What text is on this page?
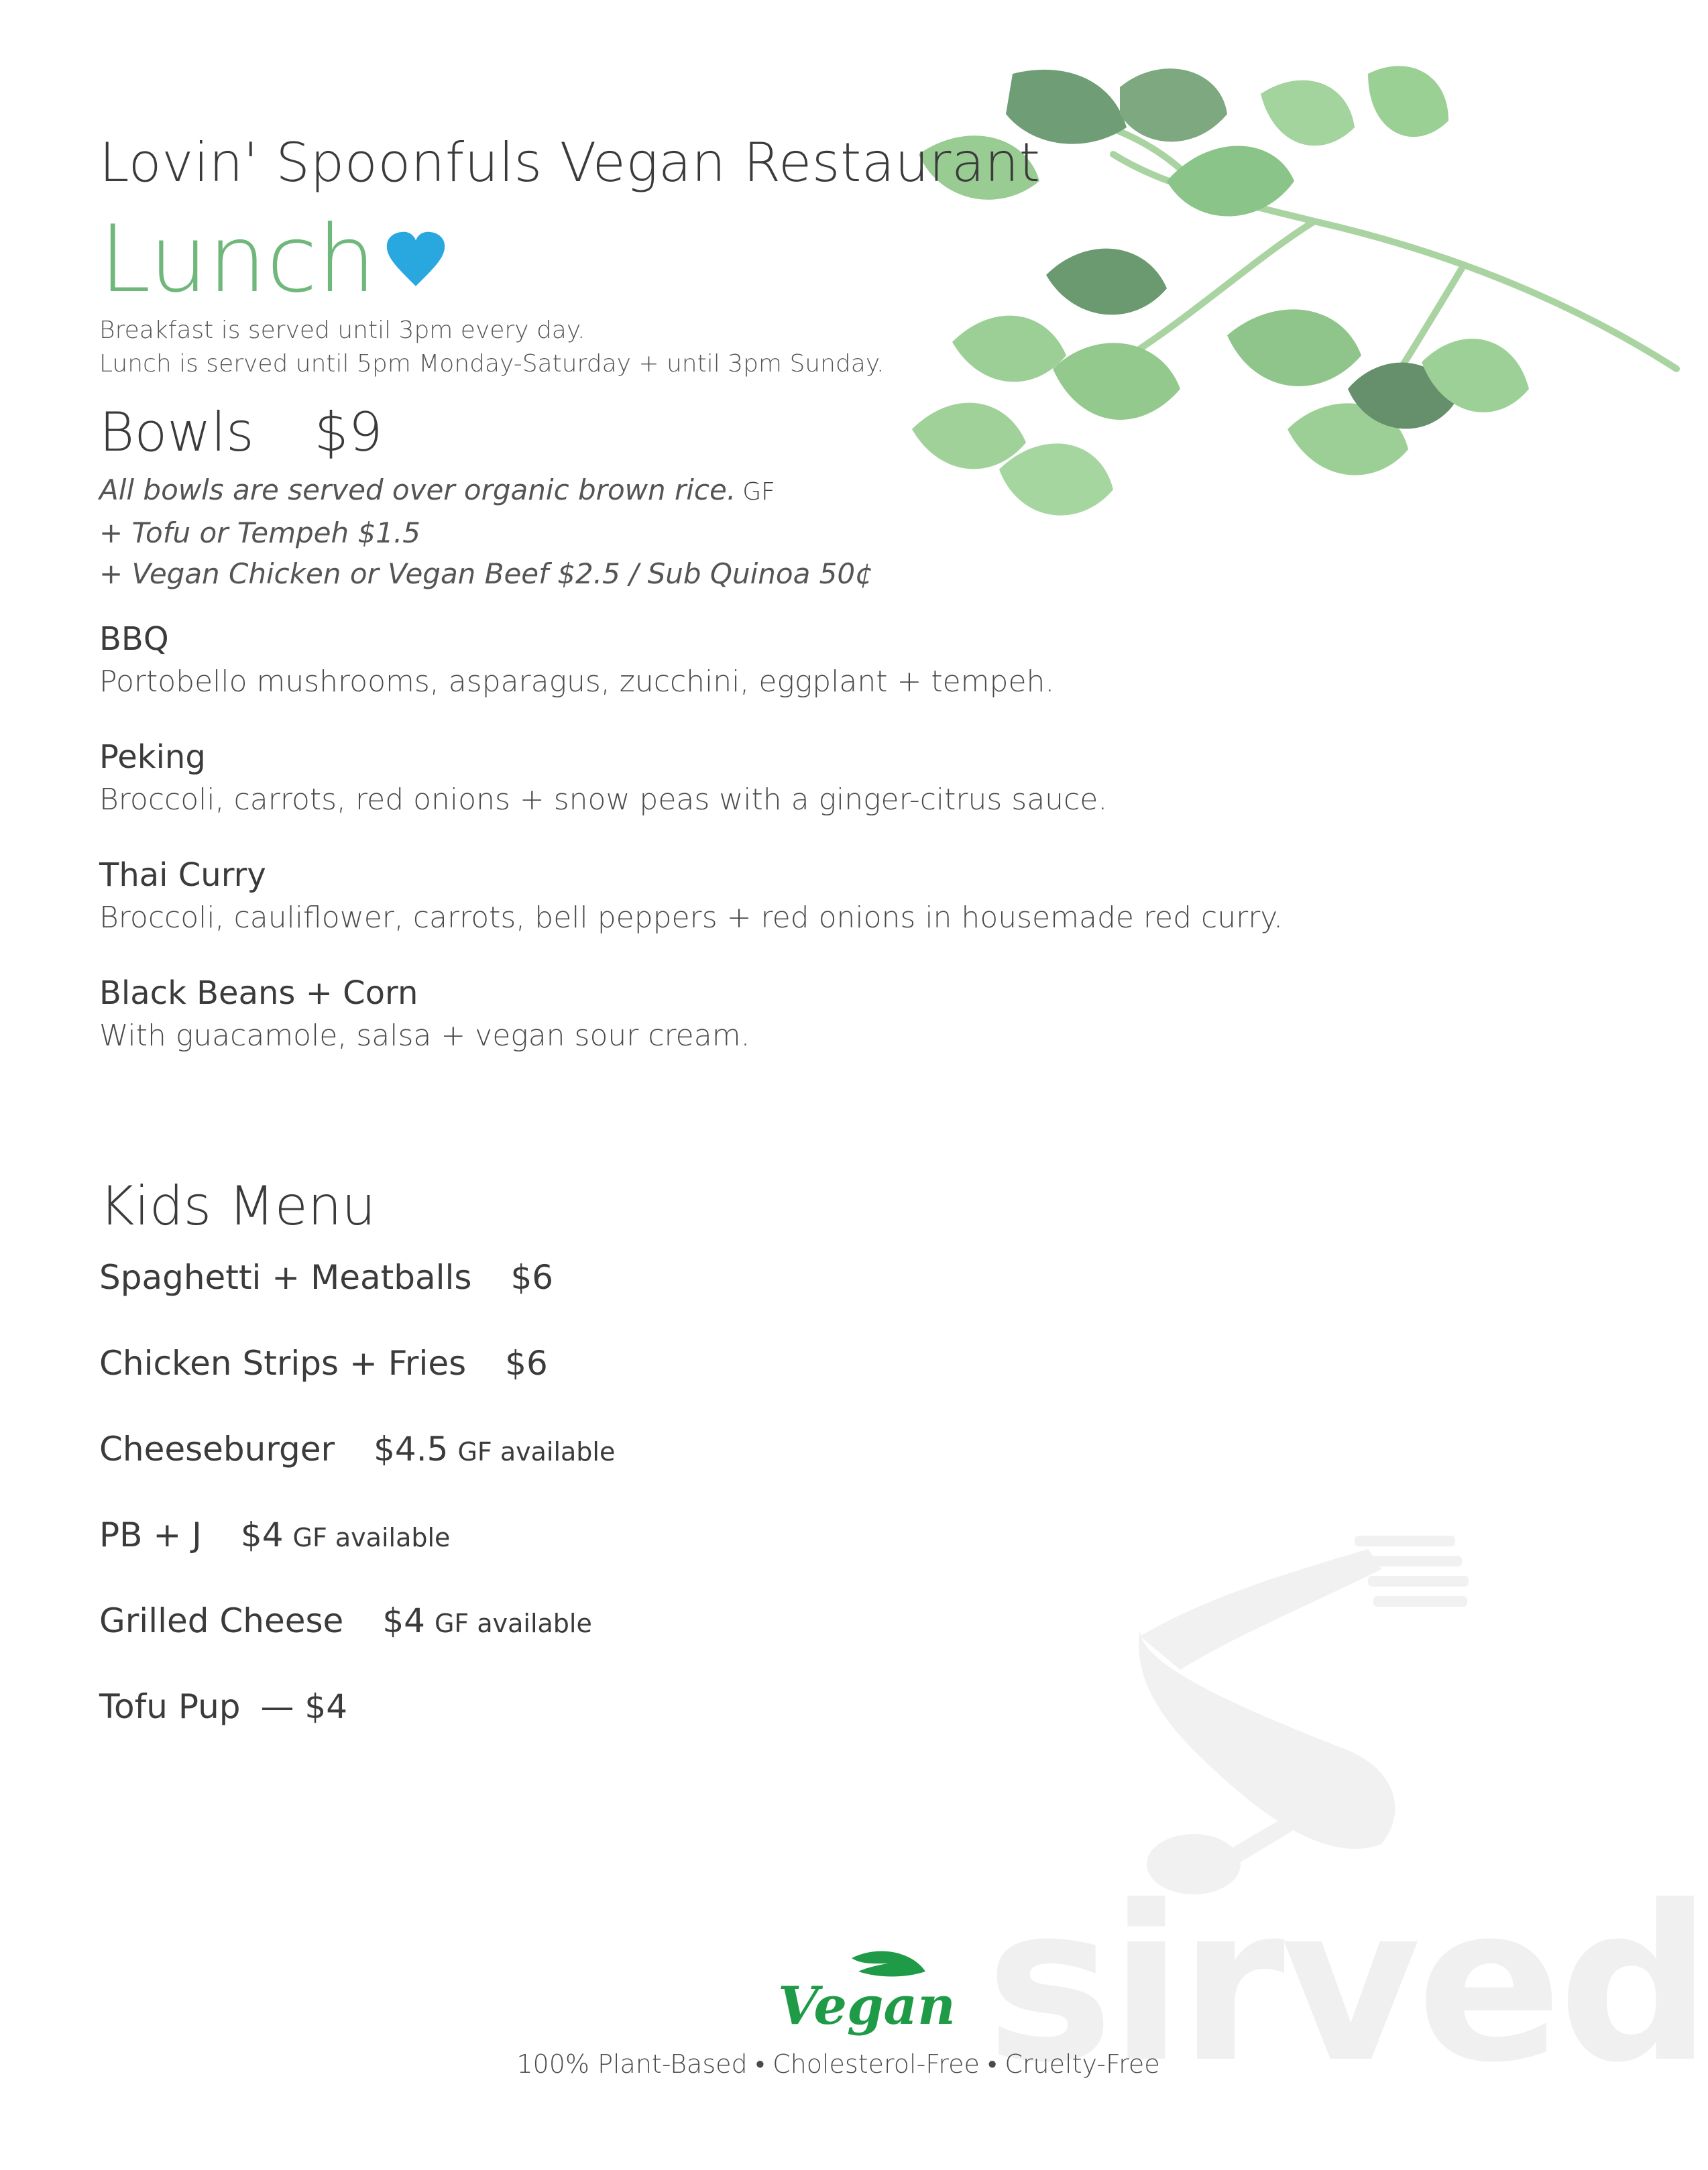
sirved
Lovin' Spoonfuls Vegan Restaurant
Lunch
Breakfast is served until 3pm every day.
Lunch is served until 5pm Monday-Saturday + until 3pm Sunday.
Bowls $9
All bowls are served over organic brown rice. GF
+ Tofu or Tempeh $1.5
+ Vegan Chicken or Vegan Beef $2.5 / Sub Quinoa 50¢
BBQ
Portobello mushrooms, asparagus, zucchini, eggplant + tempeh.
Peking
Broccoli, carrots, red onions + snow peas with a ginger-citrus sauce.
Thai Curry
Broccoli, cauliflower, carrots, bell peppers + red onions in housemade red curry.
Black Beans + Corn
With guacamole, salsa + vegan sour cream.
Kids Menu
Spaghetti + Meatballs $6
Chicken Strips + Fries $6
Cheeseburger $4.5 GF available
PB + J $4 GF available
Grilled Cheese $4 GF available
Tofu Pup — $4
Vegan
100% Plant-Based • Cholesterol-Free • Cruelty-Free
